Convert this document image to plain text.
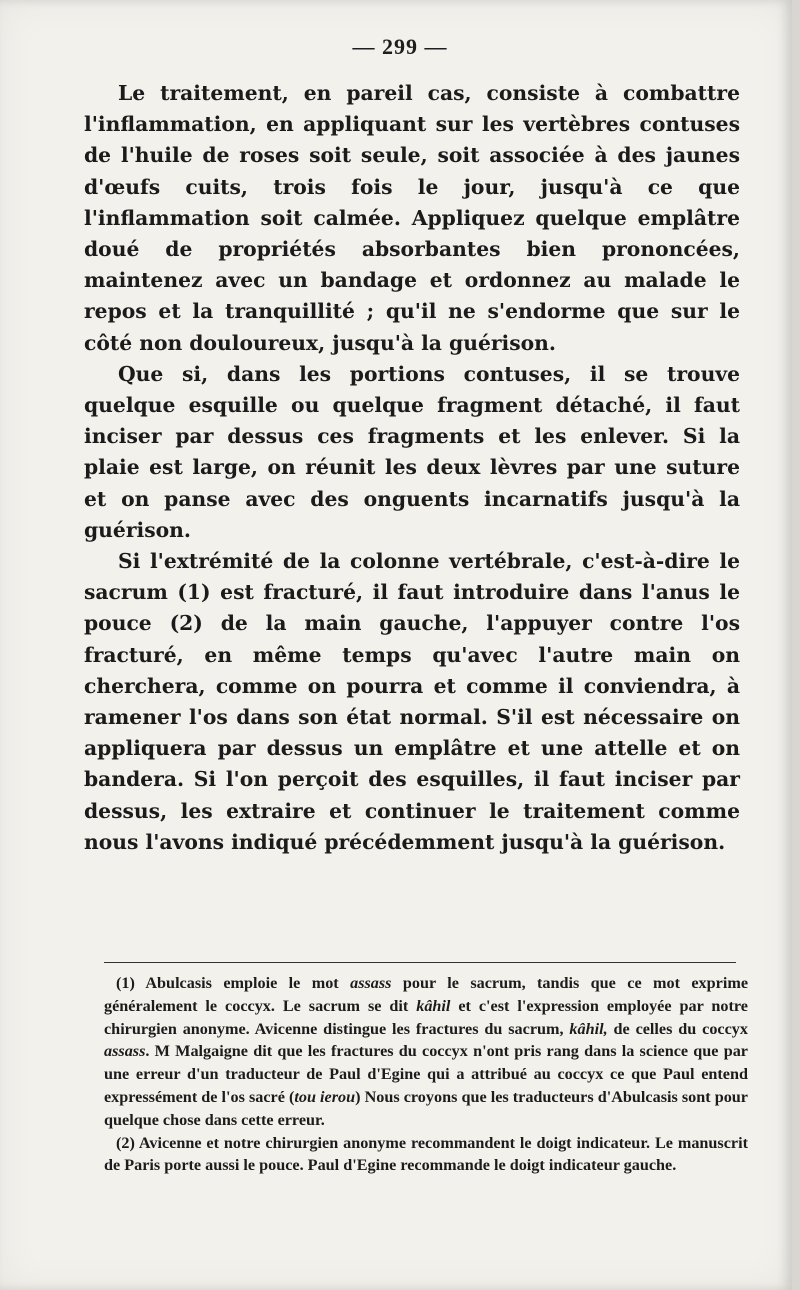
— 299 —

Le traitement, en pareil cas, consiste à combattre l'inflammation, en appliquant sur les vertèbres contuses de l'huile de roses soit seule, soit associée à des jaunes d'œufs cuits, trois fois le jour, jusqu'à ce que l'inflammation soit calmée. Appliquez quelque emplâtre doué de propriétés absorbantes bien prononcées, maintenez avec un bandage et ordonnez au malade le repos et la tranquillité ; qu'il ne s'endorme que sur le côté non douloureux, jusqu'à la guérison.

Que si, dans les portions contuses, il se trouve quelque esquille ou quelque fragment détaché, il faut inciser par dessus ces fragments et les enlever. Si la plaie est large, on réunit les deux lèvres par une suture et on panse avec des onguents incarnatifs jusqu'à la guérison.

Si l'extrémité de la colonne vertébrale, c'est-à-dire le sacrum (1) est fracturé, il faut introduire dans l'anus le pouce (2) de la main gauche, l'appuyer contre l'os fracturé, en même temps qu'avec l'autre main on cherchera, comme on pourra et comme il conviendra, à ramener l'os dans son état normal. S'il est nécessaire on appliquera par dessus un emplâtre et une attelle et on bandera. Si l'on perçoit des esquilles, il faut inciser par dessus, les extraire et continuer le traitement comme nous l'avons indiqué précédemment jusqu'à la guérison.

(1) Abulcasis emploie le mot assass pour le sacrum, tandis que ce mot exprime généralement le coccyx. Le sacrum se dit kâhil et c'est l'expression employée par notre chirurgien anonyme. Avicenne distingue les fractures du sacrum, kâhil, de celles du coccyx assass. M Malgaigne dit que les fractures du coccyx n'ont pris rang dans la science que par une erreur d'un traducteur de Paul d'Egine qui a attribué au coccyx ce que Paul entend expressément de l'os sacré (tou ierou) Nous croyons que les traducteurs d'Abulcasis sont pour quelque chose dans cette erreur.

(2) Avicenne et notre chirurgien anonyme recommandent le doigt indicateur. Le manuscrit de Paris porte aussi le pouce. Paul d'Egine recommande le doigt indicateur gauche.
